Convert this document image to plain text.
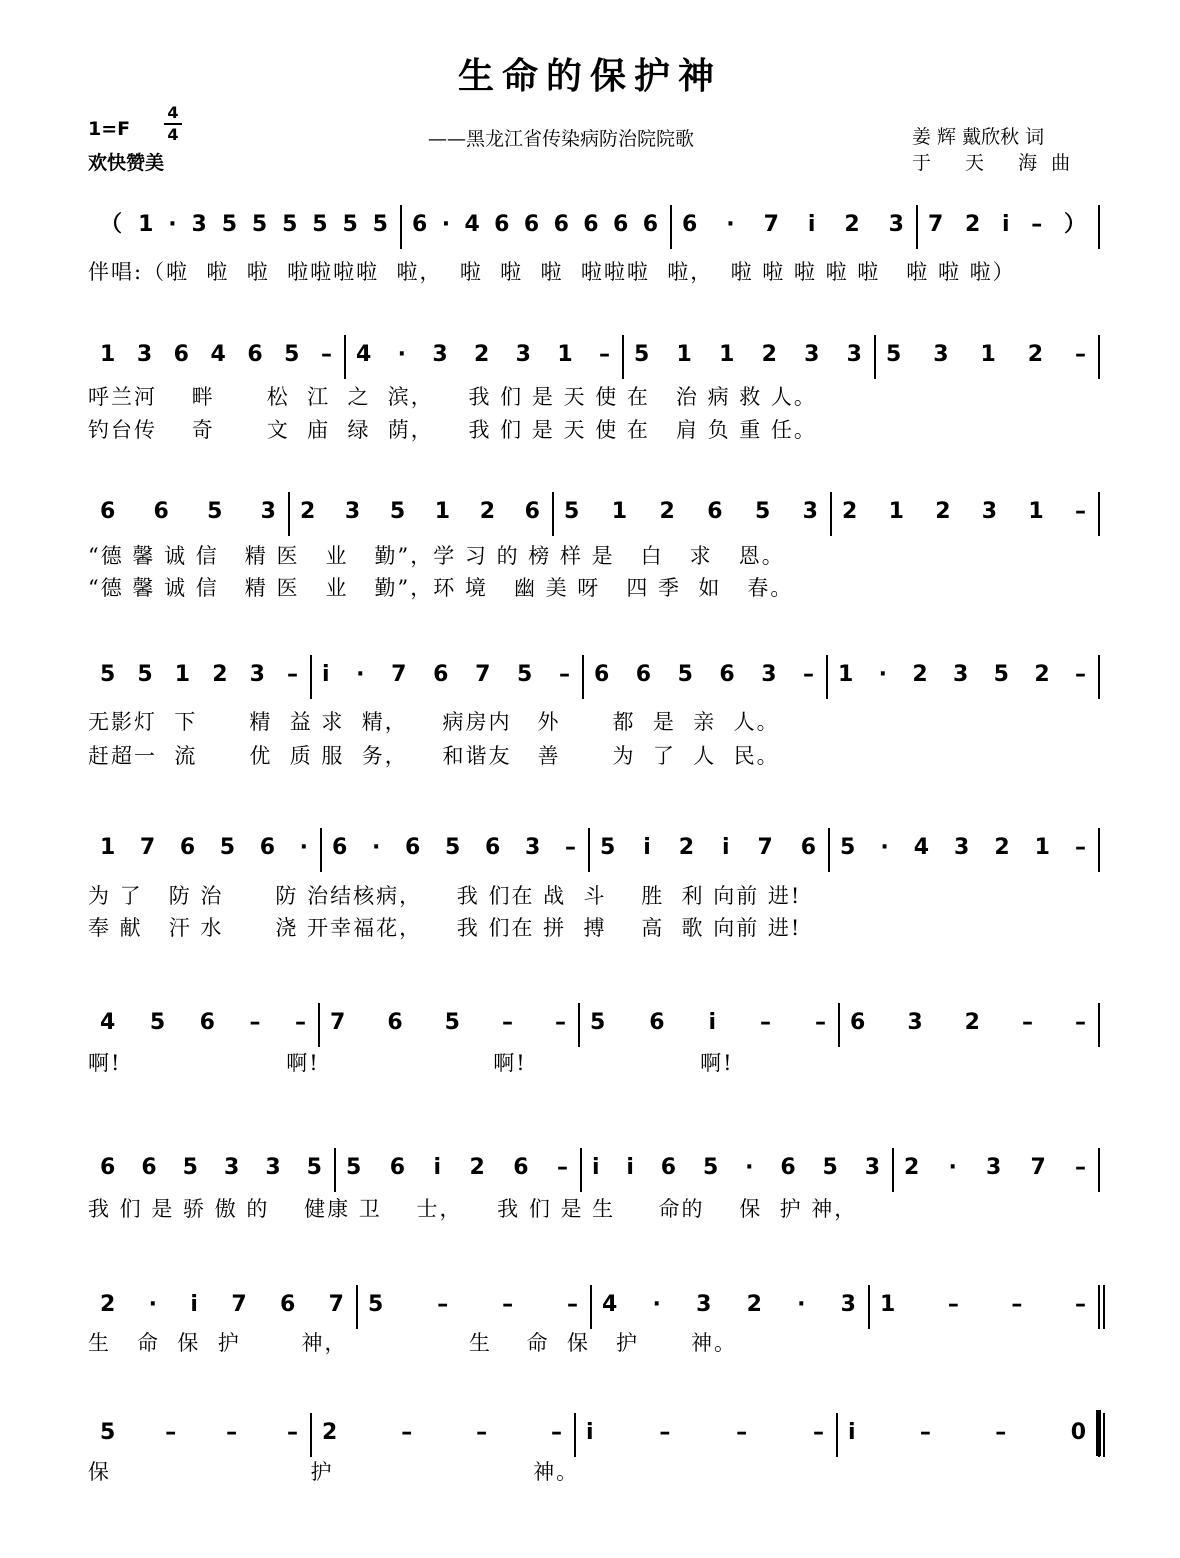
生命的保护神
1=F
4
4
欢快赞美
——黑龙江省传染病防治院院歌	姜 辉 戴欣秋 词
于 天 海曲
（ 1 · 3 5 5 5 5 5 5 6 · 4 6 6 6 6 6 6 6 · 7 i 2 3 7 2 i – ）
伴唱:（啦  啦  啦  啦啦啦啦  啦，  啦  啦  啦  啦啦啦  啦，  啦 啦 啦 啦 啦   啦 啦 啦）
1 3 6 4 6 5 – 4 · 3 2 3 1 – 5 1 1 2 3 3 5 3 1 2 –
呼兰河    畔      松  江  之  滨，    我 们 是 天 使 在   治 病 救 人。
钓台传    奇      文  庙  绿  荫，    我 们 是 天 使 在   肩 负 重 任。
6 6 5 3 2 3 5 1 2 6 5 1 2 6 5 3 2 1 2 3 1 –
“德 馨 诚 信   精 医   业   勤”，学 习 的 榜 样 是   白   求   恩。
“德 馨 诚 信   精 医   业   勤”，环 境   幽 美 呀   四 季  如   春。
5 5 1 2 3 – i · 7 6 7 5 – 6 6 5 6 3 – 1 · 2 3 5 2 –
无影灯  下      精  益 求  精，    病房内   外      都  是  亲  人。
赶超一  流      优  质 服  务，    和谐友   善      为  了  人  民。
1 7 6 5 6 · 6 · 6 5 6 3 – 5 i 2 i 7 6 5 · 4 3 2 1 –
为 了   防 治      防 治结核病，    我 们在 战  斗    胜  利 向前 进!
奉 献   汗 水      浇 开幸福花，    我 们在 拼  搏    高  歌 向前 进!
4 5 6 – – 7 6 5 – – 5 6 i – – 6 3 2 – –
啊!                   啊!                    啊!                    啊!
6 6 5 3 3 5 5 6 i 2 6 – i i 6 5 · 6 5 3 2 · 3 7 –
我 们 是 骄 傲 的    健康 卫    士，    我 们 是 生     命的    保  护 神，
2 · i 7 6 7 5 – – – 4 · 3 2 · 3 1 – – –
生   命  保  护       神，              生    命  保   护      神。
5 – – – 2 – – – i – – – i – – 0
保                       护                       神。
